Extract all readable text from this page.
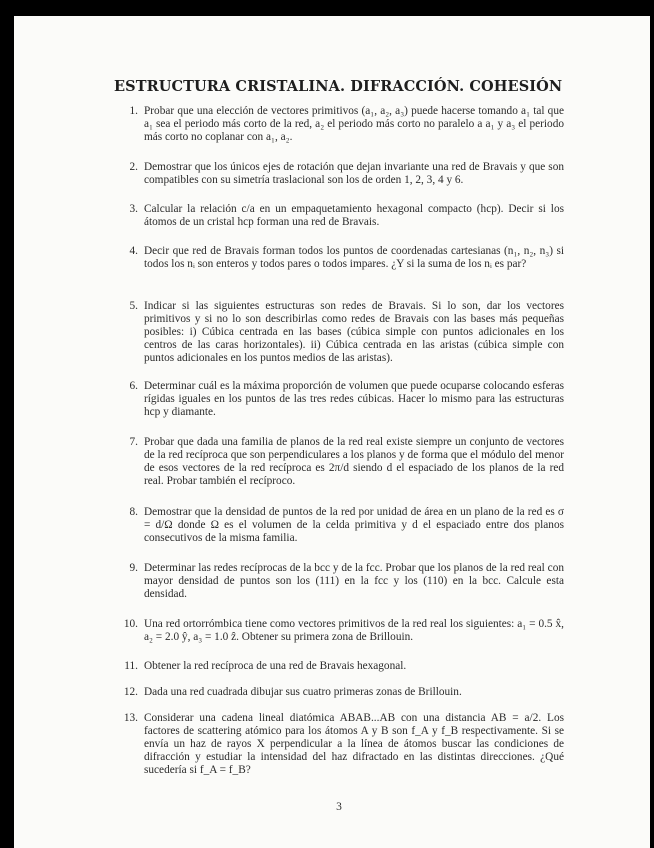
ESTRUCTURA CRISTALINA. DIFRACCIÓN. COHESIÓN
1. Probar que una elección de vectores primitivos (a₁, a₂, a₃) puede hacerse tomando a₁ tal que a₁ sea el periodo más corto de la red, a₂ el periodo más corto no paralelo a a₁ y a₃ el periodo más corto no coplanar con a₁, a₂.
2. Demostrar que los únicos ejes de rotación que dejan invariante una red de Bravais y que son compatibles con su simetría traslacional son los de orden 1, 2, 3, 4 y 6.
3. Calcular la relación c/a en un empaquetamiento hexagonal compacto (hcp). Decir si los átomos de un cristal hcp forman una red de Bravais.
4. Decir que red de Bravais forman todos los puntos de coordenadas cartesianas (n₁, n₂, n₃) si todos los nᵢ son enteros y todos pares o todos impares. ¿Y si la suma de los nᵢ es par?
5. Indicar si las siguientes estructuras son redes de Bravais. Si lo son, dar los vectores primitivos y si no lo son describirlas como redes de Bravais con las bases más pequeñas posibles: i) Cúbica centrada en las bases (cúbica simple con puntos adicionales en los centros de las caras horizontales). ii) Cúbica centrada en las aristas (cúbica simple con puntos adicionales en los puntos medios de las aristas).
6. Determinar cuál es la máxima proporción de volumen que puede ocuparse colocando esferas rígidas iguales en los puntos de las tres redes cúbicas. Hacer lo mismo para las estructuras hcp y diamante.
7. Probar que dada una familia de planos de la red real existe siempre un conjunto de vectores de la red recíproca que son perpendiculares a los planos y de forma que el módulo del menor de esos vectores de la red recíproca es 2π/d siendo d el espaciado de los planos de la red real. Probar también el recíproco.
8. Demostrar que la densidad de puntos de la red por unidad de área en un plano de la red es σ = d/Ω donde Ω es el volumen de la celda primitiva y d el espaciado entre dos planos consecutivos de la misma familia.
9. Determinar las redes recíprocas de la bcc y de la fcc. Probar que los planos de la red real con mayor densidad de puntos son los (111) en la fcc y los (110) en la bcc. Calcule esta densidad.
10. Una red ortorrómbica tiene como vectores primitivos de la red real los siguientes: a₁ = 0.5 x̂, a₂ = 2.0 ŷ, a₃ = 1.0 ẑ. Obtener su primera zona de Brillouin.
11. Obtener la red recíproca de una red de Bravais hexagonal.
12. Dada una red cuadrada dibujar sus cuatro primeras zonas de Brillouin.
13. Considerar una cadena lineal diatómica ABAB...AB con una distancia AB = a/2. Los factores de scattering atómico para los átomos A y B son f_A y f_B respectivamente. Si se envía un haz de rayos X perpendicular a la línea de átomos buscar las condiciones de difracción y estudiar la intensidad del haz difractado en las distintas direcciones. ¿Qué sucedería si f_A = f_B?
3
